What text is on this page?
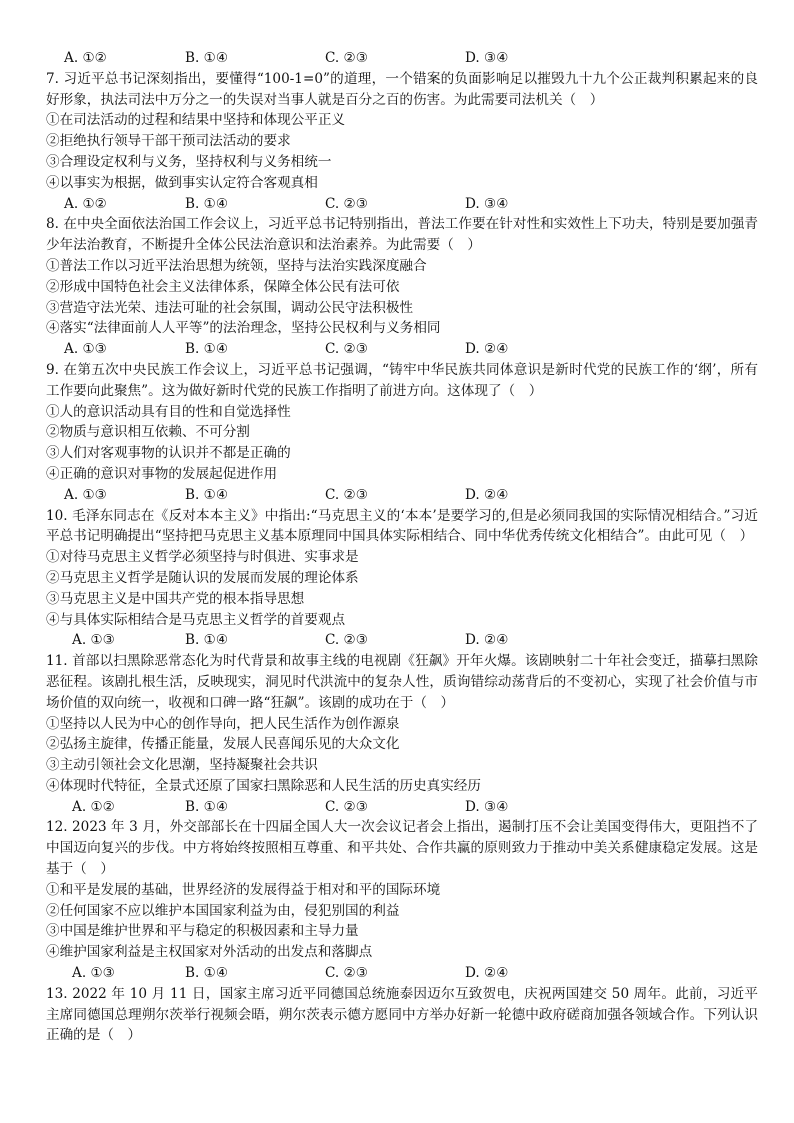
A. ①②	B. ①④	C. ②③	D. ③④
7. 习近平总书记深刻指出，要懂得“100-1=0”的道理，一个错案的负面影响足以摧毁九十九个公正裁判积累起来的良好形象，执法司法中万分之一的失误对当事人就是百分之百的伤害。为此需要司法机关（　）
①在司法活动的过程和结果中坚持和体现公平正义
②拒绝执行领导干部干预司法活动的要求
③合理设定权利与义务，坚持权利与义务相统一
④以事实为根据，做到事实认定符合客观真相
A. ①②	B. ①④	C. ②③	D. ③④
8. 在中央全面依法治国工作会议上，习近平总书记特别指出，普法工作要在针对性和实效性上下功夫，特别是要加强青少年法治教育，不断提升全体公民法治意识和法治素养。为此需要（　）
①普法工作以习近平法治思想为统领，坚持与法治实践深度融合
②形成中国特色社会主义法律体系，保障全体公民有法可依
③营造守法光荣、违法可耻的社会氛围，调动公民守法积极性
④落实“法律面前人人平等”的法治理念，坚持公民权利与义务相同
A. ①③	B. ①④	C. ②③	D. ②④
9. 在第五次中央民族工作会议上，习近平总书记强调，“铸牢中华民族共同体意识是新时代党的民族工作的‘纲’，所有工作要向此聚焦”。这为做好新时代党的民族工作指明了前进方向。这体现了（　）
①人的意识活动具有目的性和自觉选择性
②物质与意识相互依赖、不可分割
③人们对客观事物的认识并不都是正确的
④正确的意识对事物的发展起促进作用
A. ①③	B. ①④	C. ②③	D. ②④
10. 毛泽东同志在《反对本本主义》中指出:“马克思主义的‘本本’是要学习的,但是必须同我国的实际情况相结合。”习近平总书记明确提出“坚持把马克思主义基本原理同中国具体实际相结合、同中华优秀传统文化相结合”。由此可见（　）
①对待马克思主义哲学必须坚持与时俱进、实事求是
②马克思主义哲学是随认识的发展而发展的理论体系
③马克思主义是中国共产党的根本指导思想
④与具体实际相结合是马克思主义哲学的首要观点
A. ①③	B. ①④	C. ②③	D. ②④
11. 首部以扫黑除恶常态化为时代背景和故事主线的电视剧《狂飙》开年火爆。该剧映射二十年社会变迁，描摹扫黑除恶征程。该剧扎根生活，反映现实，洞见时代洪流中的复杂人性，质询错综动荡背后的不变初心，实现了社会价值与市场价值的双向统一，收视和口碑一路“狂飙”。该剧的成功在于（　）
①坚持以人民为中心的创作导向，把人民生活作为创作源泉
②弘扬主旋律，传播正能量，发展人民喜闻乐见的大众文化
③主动引领社会文化思潮，坚持凝聚社会共识
④体现时代特征，全景式还原了国家扫黑除恶和人民生活的历史真实经历
A. ①②	B. ①④	C. ②③	D. ③④
12. 2023 年 3 月，外交部部长在十四届全国人大一次会议记者会上指出，遏制打压不会让美国变得伟大，更阻挡不了中国迈向复兴的步伐。中方将始终按照相互尊重、和平共处、合作共赢的原则致力于推动中美关系健康稳定发展。这是基于（　）
①和平是发展的基础，世界经济的发展得益于相对和平的国际环境
②任何国家不应以维护本国国家利益为由，侵犯别国的利益
③中国是维护世界和平与稳定的积极因素和主导力量
④维护国家利益是主权国家对外活动的出发点和落脚点
A. ①③	B. ①④	C. ②③	D. ②④
13. 2022 年 10 月 11 日，国家主席习近平同德国总统施泰因迈尔互致贺电，庆祝两国建交 50 周年。此前，习近平主席同德国总理朔尔茨举行视频会晤，朔尔茨表示德方愿同中方举办好新一轮德中政府磋商加强各领域合作。下列认识正确的是（　）
